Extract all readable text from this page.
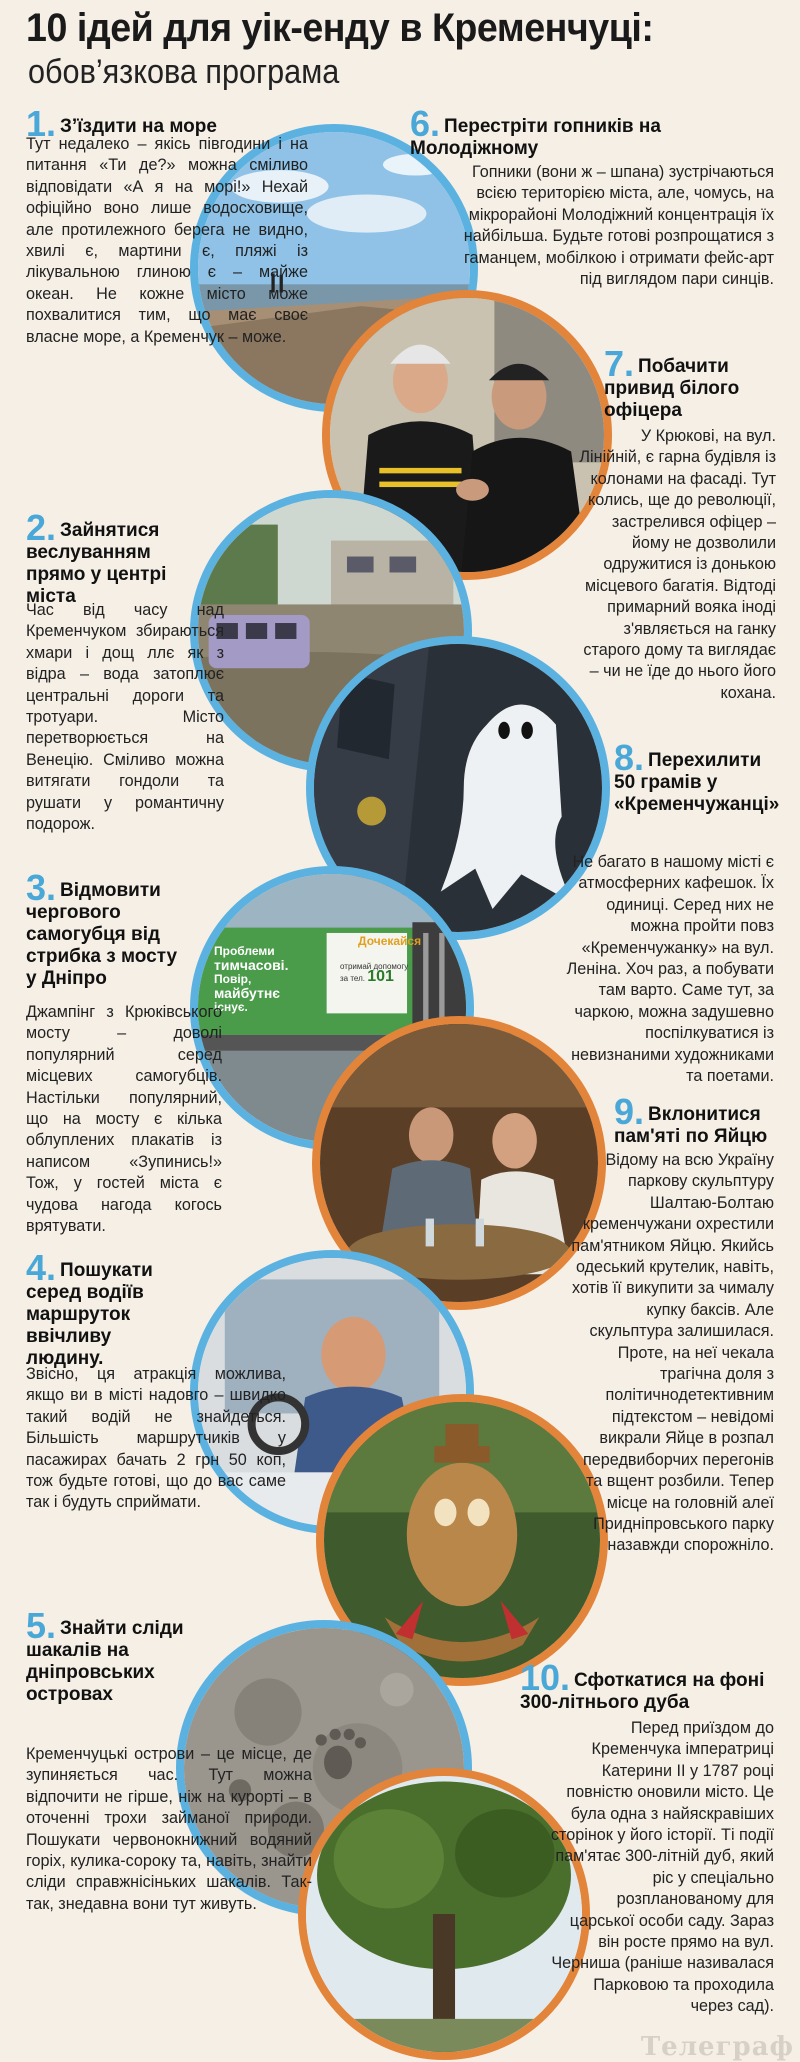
10 ідей для уік-енду в Кременчуці:
обов’язкова програма
Проблеми
тимчасові.
Повір,
майбутнє
існує.
Дочекайся
отримай допомогу
за тел. 101
1. З’їздити на море
Тут недалеко – якісь півгодини і на питання «Ти де?» можна сміливо відповідати «А я на морі!» Нехай офіційно воно лише водосховище, але протилежного берега не видно, хвилі є, мартини є, пляжі із лікувальною глиною є – майже океан. Не кожне місто може похвалитися тим, що має своє власне море, а Кременчук – може.
6. Перестріти гопників на Молодіжному
Гопники (вони ж – шпана) зустрічаються всією територією міста, але, чомусь, на мікрорайоні Молодіжний концентрація їх найбільша. Будьте готові розпрощатися з гаманцем, мобілкою і отримати фейс-арт під виглядом пари синців.
7. Побачити привид білого офіцера
У Крюкові, на вул. Лінійній, є гарна будівля із колонами на фасаді. Тут колись, ще до революції, застрелився офіцер – йому не дозволили одружитися із донькою місцевого багатія. Відтоді примарний вояка іноді з'являється на ганку старого дому та виглядає – чи не їде до нього його кохана.
2. Зайнятися веслуванням прямо у центрі міста
Час від часу над Кременчуком збираються хмари і дощ ллє як з відра – вода затоплює центральні дороги та тротуари. Місто перетворюється на Венецію. Сміливо можна витягати гондоли та рушати у романтичну подорож.
8. Перехилити 50 грамів у «Кременчужанці»
Не багато в нашому місті є атмосферних кафешок. Їх одиниці. Серед них не можна пройти повз «Кременчужанку» на вул. Леніна. Хоч раз, а побувати там варто. Саме тут, за чаркою, можна задушевно поспілкуватися із невизнаними художниками та поетами.
3. Відмовити чергового самогубця від стрибка з мосту у Дніпро
Джампінг з Крюківського мосту – доволі популярний серед місцевих самогубців. Настільки популярний, що на мосту є кілька облуплених плакатів із написом «Зупинись!» Тож, у гостей міста є чудова нагода когось врятувати.
9. Вклонитися пам'яті по Яйцю
Відому на всю Україну паркову скульптуру Шалтаю-Болтаю кременчужани охрестили пам'ятником Яйцю. Якийсь одеський крутелик, навіть, хотів її викупити за чималу купку баксів. Але скульптура залишилася. Проте, на неї чекала трагічна доля з політичнодетективним підтекстом – невідомі викрали Яйце в розпал передвиборчих перегонів та вщент розбили. Тепер місце на головній алеї Придніпровського парку назавжди спорожніло.
4. Пошукати серед водіїв маршруток ввічливу людину.
Звісно, ця атракція можлива, якщо ви в місті надовго – швидко такий водій не знайдеться. Більшість маршрутчиків у пасажирах бачать 2 грн 50 коп, тож будьте готові, що до вас саме так і будуть сприймати.
5. Знайти сліди шакалів на дніпровських островах
Кременчуцькі острови – це місце, де зупиняється час. Тут можна відпочити не гірше, ніж на курорті – в оточенні трохи займаної природи. Пошукати червонокнижний водяний горіх, кулика-сороку та, навіть, знайти сліди справжнісіньких шакалів. Так-так, знедавна вони тут живуть.
10. Сфоткатися на фоні 300-літнього дуба
Перед приїздом до Кременчука імператриці Катерини ІІ у 1787 році повністю оновили місто. Це була одна з найяскравіших сторінок у його історії. Ті події пам'ятає 300-літній дуб, який ріс у спеціально розпланованому для царської особи саду. Зараз він росте прямо на вул. Черниша (раніше називалася Парковою та проходила через сад).
Телеграф
